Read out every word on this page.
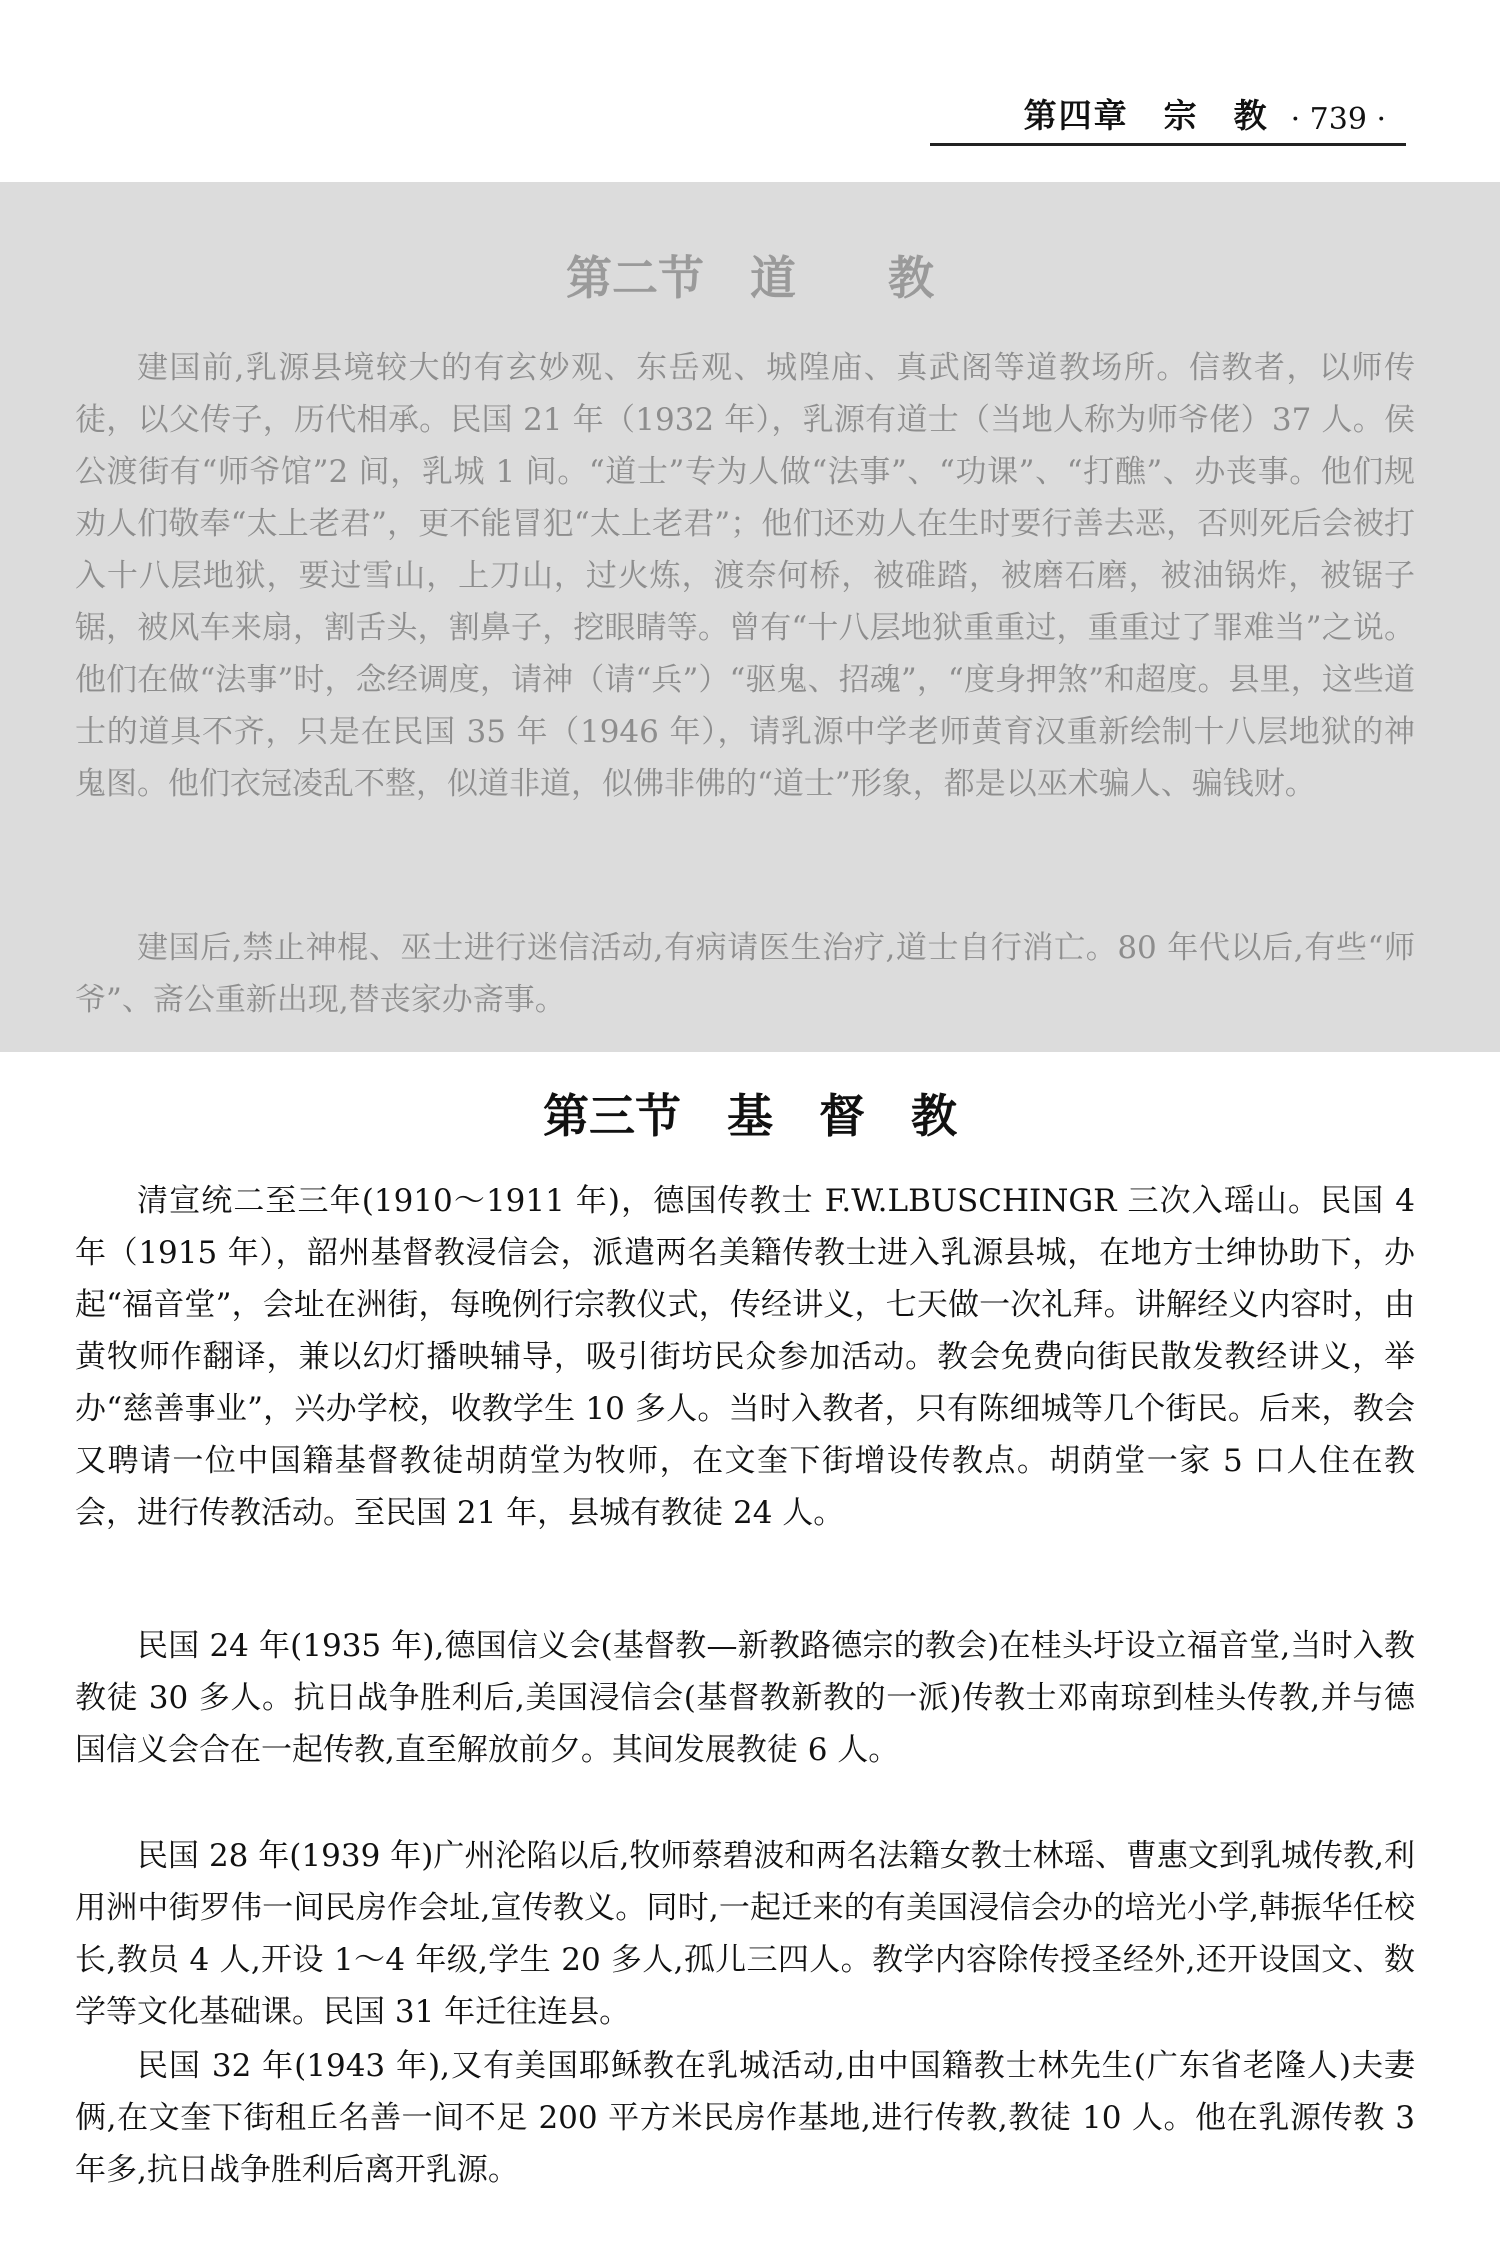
第四章　宗　教 · 739 ·
第二节　道　　教

建国前,乳源县境较大的有玄妙观、东岳观、城隍庙、真武阁等道教场所。信教者，以师传徒，以父传子，历代相承。民国 21 年（1932 年），乳源有道士（当地人称为师爷佬）37 人。侯公渡街有“师爷馆”2 间，乳城 1 间。“道士”专为人做“法事”、“功课”、“打醮”、办丧事。他们规劝人们敬奉“太上老君”，更不能冒犯“太上老君”；他们还劝人在生时要行善去恶，否则死后会被打入十八层地狱，要过雪山，上刀山，过火炼，渡奈何桥，被碓踏，被磨石磨，被油锅炸，被锯子锯，被风车来扇，割舌头，割鼻子，挖眼睛等。曾有“十八层地狱重重过，重重过了罪难当”之说。他们在做“法事”时，念经调度，请神（请“兵”）“驱鬼、招魂”，“度身押煞”和超度。县里，这些道士的道具不齐，只是在民国 35 年（1946 年），请乳源中学老师黄育汉重新绘制十八层地狱的神鬼图。他们衣冠凌乱不整，似道非道，似佛非佛的“道士”形象，都是以巫术骗人、骗钱财。

建国后,禁止神棍、巫士进行迷信活动,有病请医生治疗,道士自行消亡。80 年代以后,有些“师爷”、斋公重新出现,替丧家办斋事。

第三节　基　督　教

清宣统二至三年(1910～1911 年)，德国传教士 F.W.LBUSCHINGR 三次入瑶山。民国 4 年（1915 年），韶州基督教浸信会，派遣两名美籍传教士进入乳源县城，在地方士绅协助下，办起“福音堂”，会址在洲街，每晚例行宗教仪式，传经讲义，七天做一次礼拜。讲解经义内容时，由黄牧师作翻译，兼以幻灯播映辅导，吸引街坊民众参加活动。教会免费向街民散发教经讲义，举办“慈善事业”，兴办学校，收教学生 10 多人。当时入教者，只有陈细城等几个街民。后来，教会又聘请一位中国籍基督教徒胡荫堂为牧师，在文奎下街增设传教点。胡荫堂一家 5 口人住在教会，进行传教活动。至民国 21 年，县城有教徒 24 人。

民国 24 年(1935 年),德国信义会(基督教—新教路德宗的教会)在桂头圩设立福音堂,当时入教教徒 30 多人。抗日战争胜利后,美国浸信会(基督教新教的一派)传教士邓南琼到桂头传教,并与德国信义会合在一起传教,直至解放前夕。其间发展教徒 6 人。

民国 28 年(1939 年)广州沦陷以后,牧师蔡碧波和两名法籍女教士林瑶、曹惠文到乳城传教,利用洲中街罗伟一间民房作会址,宣传教义。同时,一起迁来的有美国浸信会办的培光小学,韩振华任校长,教员 4 人,开设 1～4 年级,学生 20 多人,孤儿三四人。教学内容除传授圣经外,还开设国文、数学等文化基础课。民国 31 年迁往连县。

民国 32 年(1943 年),又有美国耶稣教在乳城活动,由中国籍教士林先生(广东省老隆人)夫妻俩,在文奎下街租丘名善一间不足 200 平方米民房作基地,进行传教,教徒 10 人。他在乳源传教 3 年多,抗日战争胜利后离开乳源。
